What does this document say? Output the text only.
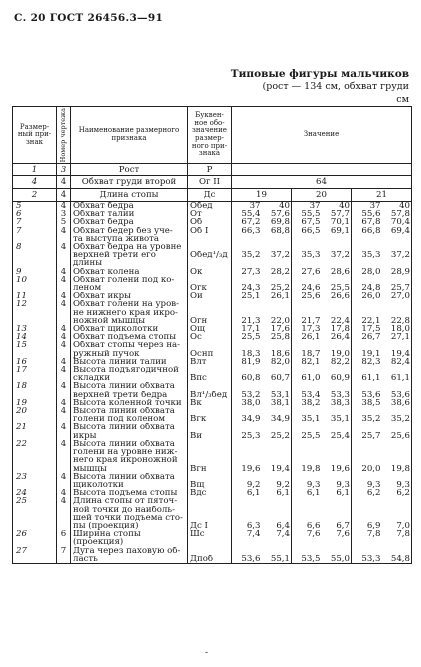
С. 20 ГОСТ 26456.3—91
Типовые фигуры мальчиков
(рост — 134 см, обхват груди
см
Размер-ный при-знак	Номер чертежа	Наименование размерного признака	Буквен-ное обо-значение размер-ного при-знака	Значение					
1	3	Рост	Р						
4	4	Обхват груди второй	Ог II	64					
2	4	Длина стопы	Дс	19		20		21	
5	4	Обхват бедра	Обед	37	40	37	40	37	40
6	3	Обхват талии	От	55,4	57,6	55,5	57,7	55,6	57,8
7	5	Обхват бедра	Об	67,2	69,8	67,5	70,1	67,8	70,4
7	4	Обхват бедер без уче-	Об I	66,3	68,8	66,5	69,1	66,8	69,4
		та выступа живота							
8	4	Обхват бедра на уровне							
		верхней трети его длины	Обед¹/₃д	35,2	37,2	35,3	37,2	35,3	37,2
9	4	Обхват колена	Ок	27,3	28,2	27,6	28,6	28,0	28,9
10	4	Обхват голени под ко-							
		леном	Огк	24,3	25,2	24,6	25,5	24,8	25,7
11	4	Обхват икры	Ои	25,1	26,1	25,6	26,6	26,0	27,0
12	4	Обхват голени на уров-							
		не нижнего края икро-							
		ножной мышцы	Огн	21,3	22,0	21,7	22,4	22,1	22,8
13	4	Обхват щиколотки	Ощ	17,1	17,6	17,3	17,8	17,5	18,0
14	4	Обхват подъема стопы	Ос	25,5	25,8	26,1	26,4	26,7	27,1
15	4	Обхват стопы через на-							
		ружный пучок	Оснп	18,3	18,6	18,7	19,0	19,1	19,4
16	4	Высота линии талии	Влт	81,9	82,0	82,1	82,2	82,3	82,4
17	4	Высота подъягодичной							
		складки	Впс	60,8	60,7	61,0	60,9	61,1	61,1
18	4	Высота линии обхвата							
		верхней трети бедра	Вл¹/₃бед	53,2	53,1	53,4	53,3	53,6	53,6
19	4	Высота коленной точки	Вк	38,0	38,1	38,2	38,3	38,5	38,6
20	4	Высота линии обхвата							
		голени под коленом	Вгк	34,9	34,9	35,1	35,1	35,2	35,2
21	4	Высота линии обхвата							
		икры	Ви	25,3	25,2	25,5	25,4	25,7	25,6
22	4	Высота линии обхвата							
		голени на уровне ниж-							
		него края икроножной							
		мышцы	Вгн	19,6	19,4	19,8	19,6	20,0	19,8
23	4	Высота линии обхвата							
		щиколотки	Вщ	9,2	9,2	9,3	9,3	9,3	9,3
24	4	Высота подъема стопы	Вдс	6,1	6,1	6,1	6,1	6,2	6,2
25	4	Длина стопы от пяточ-							
		ной точки до наиболь-							
		шей точки подъема сто-							
		пы (проекция)	Дс I	6,3	6,4	6,6	6,7	6,9	7,0
26	6	Ширина стопы (проекция)	Шс	7,4	7,4	7,6	7,6	7,8	7,8
27	7	Дуга через паховую об-							
		ласть	Дпоб	53,6	55,1	53,5	55,0	53,3	54,8
-
